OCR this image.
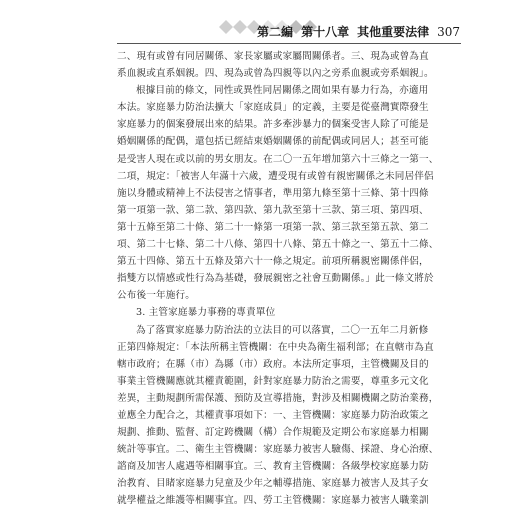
第二編 第十八章 其他重要法律 307
二、現有或曾有同居關係、家長家屬或家屬間關係者。三、現為或曾為直
系血親或直系姻親。四、現為或曾為四親等以內之旁系血親或旁系姻親」。
根據目前的條文，同性或異性同居關係之間如果有暴力行為，亦適用
本法。家庭暴力防治法擴大「家庭成員」的定義，主要是從臺灣實際發生
家庭暴力的個案發展出來的結果。許多牽涉暴力的個案受害人除了可能是
婚姻關係的配偶，還包括已經結束婚姻關係的前配偶或同居人；甚至可能
是受害人現在或以前的男女朋友。在二〇一五年增加第六十三條之一第一、
二項，規定：「被害人年滿十六歲，遭受現有或曾有親密關係之未同居伴侶
施以身體或精神上不法侵害之情事者，準用第九條至第十三條、第十四條
第一項第一款、第二款、第四款、第九款至第十三款、第三項、第四項、
第十五條至第二十條、第二十一條第一項第一款、第三款至第五款、第二
項、第二十七條、第二十八條、第四十八條、第五十條之一、第五十二條、
第五十四條、第五十五條及第六十一條之規定。前項所稱親密關係伴侶，
指雙方以情感或性行為為基礎，發展親密之社會互動關係。」此一條文將於
公布後一年施行。
3. 主管家庭暴力事務的專責單位
為了落實家庭暴力防治法的立法目的可以落實，二〇一五年二月新修
正第四條規定：「本法所稱主管機關：在中央為衛生福利部；在直轄市為直
轄市政府；在縣（市）為縣（市）政府。本法所定事項，主管機關及目的
事業主管機關應就其權責範圍，針對家庭暴力防治之需要，尊重多元文化
差異，主動規劃所需保護、預防及宣導措施，對涉及相關機關之防治業務，
並應全力配合之，其權責事項如下：一、主管機關：家庭暴力防治政策之
規劃、推動、監督、訂定跨機關（構）合作規範及定期公布家庭暴力相關
統計等事宜。二、衛生主管機關：家庭暴力被害人驗傷、採證、身心治療、
諮商及加害人處遇等相關事宜。三、教育主管機關：各級學校家庭暴力防
治教育、目睹家庭暴力兒童及少年之輔導措施、家庭暴力被害人及其子女
就學權益之維護等相關事宜。四、勞工主管機關：家庭暴力被害人職業訓
